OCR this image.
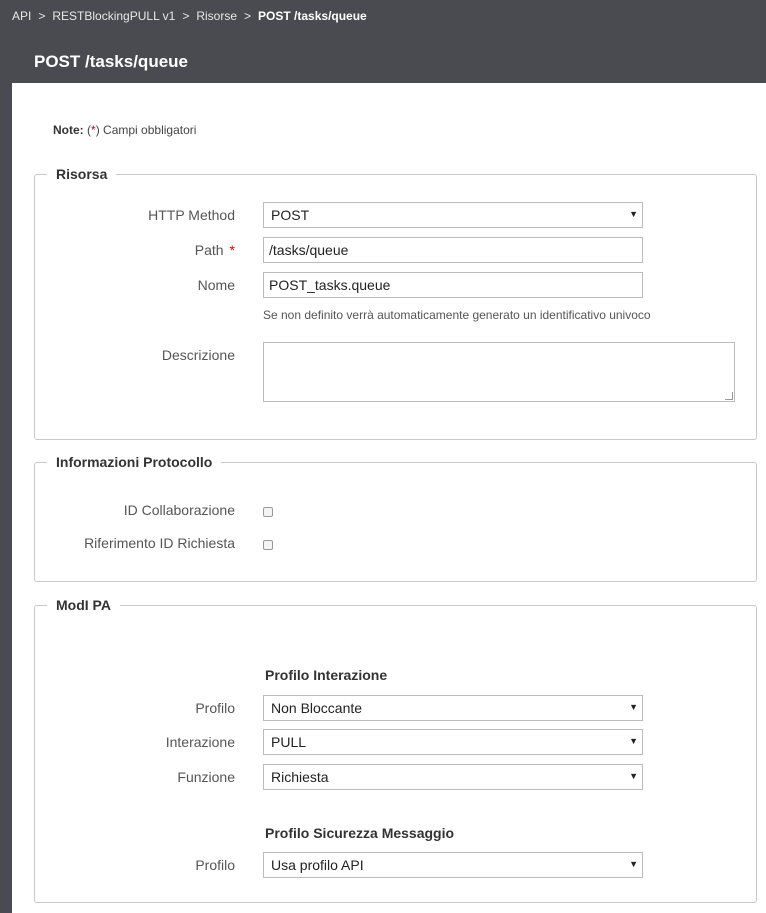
API > RESTBlockingPULL v1 > Risorse > POST /tasks/queue
POST /tasks/queue
Note: (*) Campi obbligatori
Risorsa
HTTP Method	POST	▼
Path *	/tasks/queue
Nome	POST_tasks.queue
Se non definito verrà automaticamente generato un identificativo univoco
Descrizione
Informazioni Protocollo
ID Collaborazione
Riferimento ID Richiesta
ModI PA
Profilo Interazione
Profilo	Non Bloccante	▼
Interazione	PULL	▼
Funzione	Richiesta	▼
Profilo Sicurezza Messaggio
Profilo	Usa profilo API	▼
